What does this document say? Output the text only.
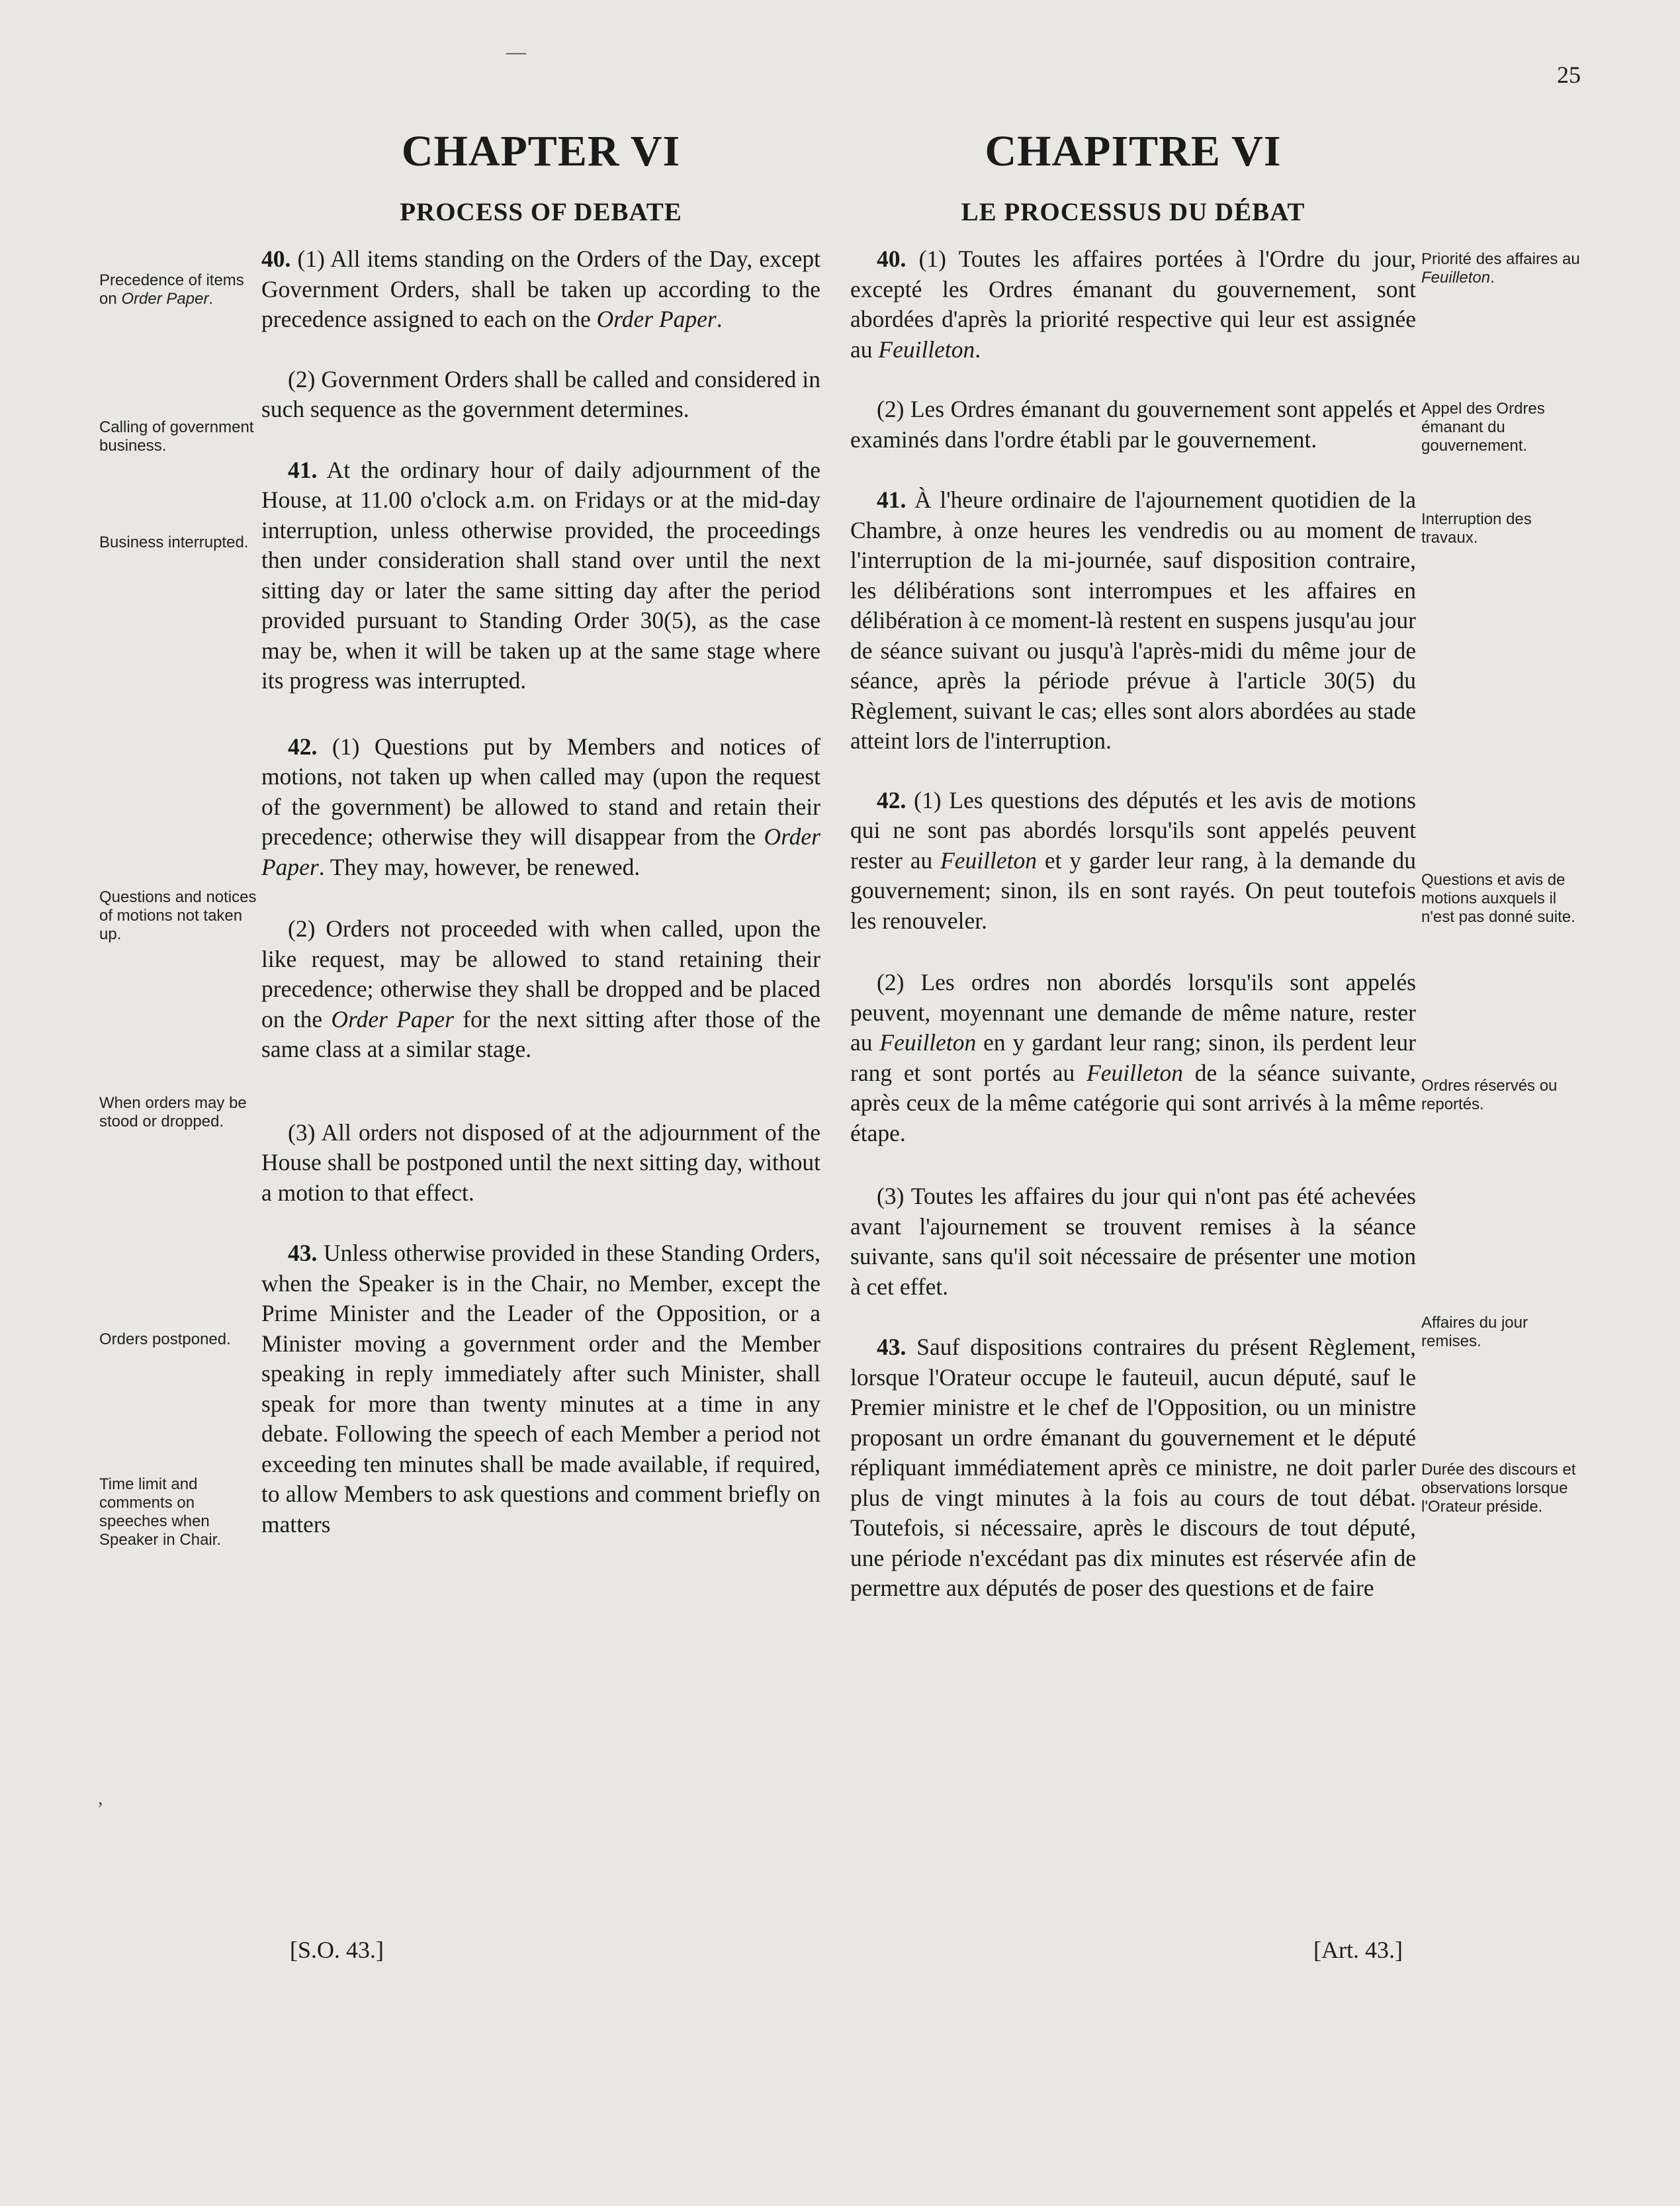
25
CHAPTER VI
PROCESS OF DEBATE

40. (1) All items standing on the Orders of the Day, except Government Orders, shall be taken up according to the precedence assigned to each on the Order Paper.

(2) Government Orders shall be called and considered in such sequence as the government determines.

41. At the ordinary hour of daily adjournment of the House, at 11.00 o'clock a.m. on Fridays or at the mid-day interruption, unless otherwise provided, the proceedings then under consideration shall stand over until the next sitting day or later the same sitting day after the period provided pursuant to Standing Order 30(5), as the case may be, when it will be taken up at the same stage where its progress was interrupted.

42. (1) Questions put by Members and notices of motions, not taken up when called may (upon the request of the government) be allowed to stand and retain their precedence; otherwise they will disappear from the Order Paper. They may, however, be renewed.

(2) Orders not proceeded with when called, upon the like request, may be allowed to stand retaining their precedence; otherwise they shall be dropped and be placed on the Order Paper for the next sitting after those of the same class at a similar stage.

(3) All orders not disposed of at the adjournment of the House shall be postponed until the next sitting day, without a motion to that effect.

43. Unless otherwise provided in these Standing Orders, when the Speaker is in the Chair, no Member, except the Prime Minister and the Leader of the Opposition, or a Minister moving a government order and the Member speaking in reply immediately after such Minister, shall speak for more than twenty minutes at a time in any debate. Following the speech of each Member a period not exceeding ten minutes shall be made available, if required, to allow Members to ask questions and comment briefly on matters

Precedence of items on Order Paper.
Calling of government business.
Business interrupted.
Questions and notices of motions not taken up.
When orders may be stood or dropped.
Orders postponed.
Time limit and comments on speeches when Speaker in Chair.
CHAPITRE VI
LE PROCESSUS DU DÉBAT

40. (1) Toutes les affaires portées à l'Ordre du jour, excepté les Ordres émanant du gouvernement, sont abordées d'après la priorité respective qui leur est assignée au Feuilleton.

(2) Les Ordres émanant du gouvernement sont appelés et examinés dans l'ordre établi par le gouvernement.

41. À l'heure ordinaire de l'ajournement quotidien de la Chambre, à onze heures les vendredis ou au moment de l'interruption de la mi-journée, sauf disposition contraire, les délibérations sont interrompues et les affaires en délibération à ce moment-là restent en suspens jusqu'au jour de séance suivant ou jusqu'à l'après-midi du même jour de séance, après la période prévue à l'article 30(5) du Règlement, suivant le cas; elles sont alors abordées au stade atteint lors de l'interruption.

42. (1) Les questions des députés et les avis de motions qui ne sont pas abordés lorsqu'ils sont appelés peuvent rester au Feuilleton et y garder leur rang, à la demande du gouvernement; sinon, ils en sont rayés. On peut toutefois les renouveler.

(2) Les ordres non abordés lorsqu'ils sont appelés peuvent, moyennant une demande de même nature, rester au Feuilleton en y gardant leur rang; sinon, ils perdent leur rang et sont portés au Feuilleton de la séance suivante, après ceux de la même catégorie qui sont arrivés à la même étape.

(3) Toutes les affaires du jour qui n'ont pas été achevées avant l'ajournement se trouvent remises à la séance suivante, sans qu'il soit nécessaire de présenter une motion à cet effet.

43. Sauf dispositions contraires du présent Règlement, lorsque l'Orateur occupe le fauteuil, aucun député, sauf le Premier ministre et le chef de l'Opposition, ou un ministre proposant un ordre émanant du gouvernement et le député répliquant immédiatement après ce ministre, ne doit parler plus de vingt minutes à la fois au cours de tout débat. Toutefois, si nécessaire, après le discours de tout député, une période n'excédant pas dix minutes est réservée afin de permettre aux députés de poser des questions et de faire

Priorité des affaires au Feuilleton.
Appel des Ordres émanant du gouvernement.
Interruption des travaux.
Questions et avis de motions auxquels il n'est pas donné suite.
Ordres réservés ou reportés.
Affaires du jour remises.
Durée des discours et observations lorsque l'Orateur préside.
[S.O. 43.]	[Art. 43.]
—
,
